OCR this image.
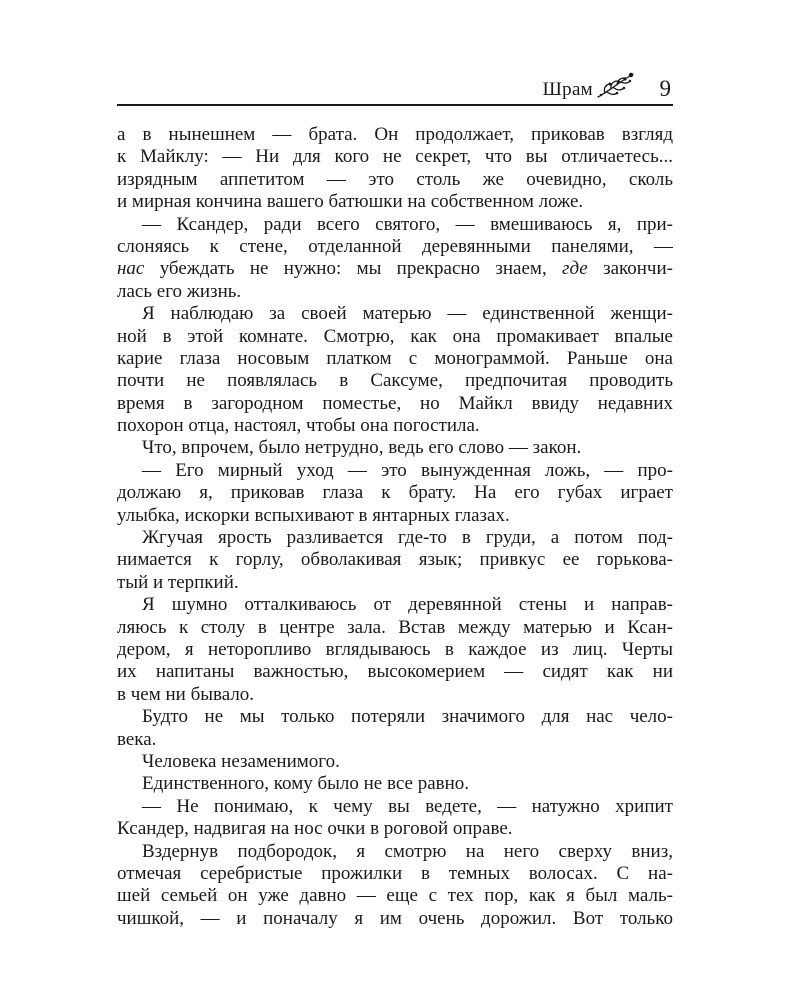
Шрам	9
а в нынешнем — брата. Он продолжает, приковав взгляд
к Майклу: — Ни для кого не секрет, что вы отличаетесь...
изрядным аппетитом — это столь же очевидно, сколь
и мирная кончина вашего батюшки на собственном ложе.
— Ксандер, ради всего святого, — вмешиваюсь я, при-
слоняясь к стене, отделанной деревянными панелями, —
нас убеждать не нужно: мы прекрасно знаем, где закончи-
лась его жизнь.
Я наблюдаю за своей матерью — единственной женщи-
ной в этой комнате. Смотрю, как она промакивает впалые
карие глаза носовым платком с монограммой. Раньше она
почти не появлялась в Саксуме, предпочитая проводить
время в загородном поместье, но Майкл ввиду недавних
похорон отца, настоял, чтобы она погостила.
Что, впрочем, было нетрудно, ведь его слово — закон.
— Его мирный уход — это вынужденная ложь, — про-
должаю я, приковав глаза к брату. На его губах играет
улыбка, искорки вспыхивают в янтарных глазах.
Жгучая ярость разливается где-то в груди, а потом под-
нимается к горлу, обволакивая язык; привкус ее горькова-
тый и терпкий.
Я шумно отталкиваюсь от деревянной стены и направ-
ляюсь к столу в центре зала. Встав между матерью и Ксан-
дером, я неторопливо вглядываюсь в каждое из лиц. Черты
их напитаны важностью, высокомерием — сидят как ни
в чем ни бывало.
Будто не мы только потеряли значимого для нас чело-
века.
Человека незаменимого.
Единственного, кому было не все равно.
— Не понимаю, к чему вы ведете, — натужно хрипит
Ксандер, надвигая на нос очки в роговой оправе.
Вздернув подбородок, я смотрю на него сверху вниз,
отмечая серебристые прожилки в темных волосах. С на-
шей семьей он уже давно — еще с тех пор, как я был маль-
чишкой, — и поначалу я им очень дорожил. Вот только
